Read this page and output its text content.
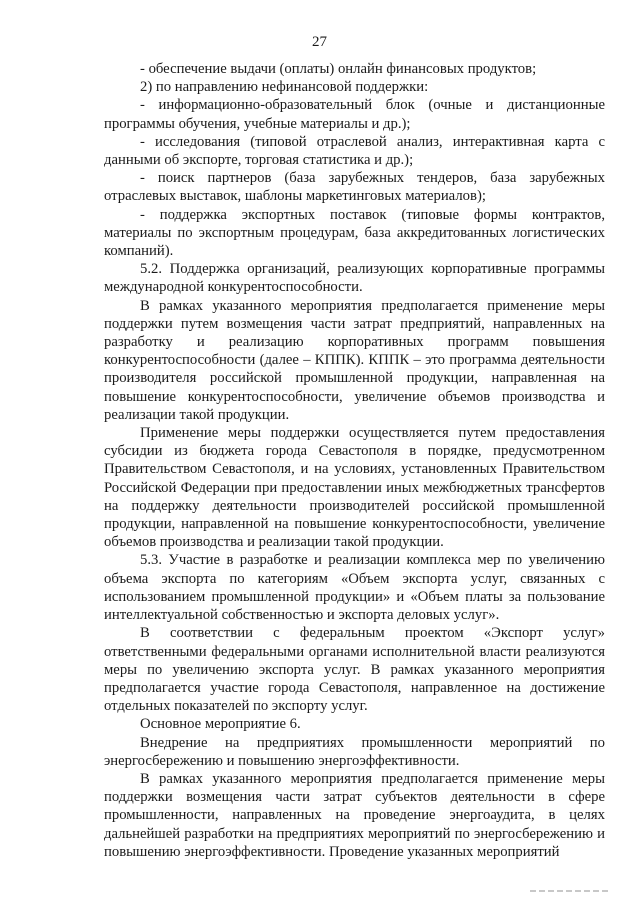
27

- обеспечение выдачи (оплаты) онлайн финансовых продуктов;

2) по направлению нефинансовой поддержки:

- информационно-образовательный блок (очные и дистанционные программы обучения, учебные материалы и др.);

- исследования (типовой отраслевой анализ, интерактивная карта с данными об экспорте, торговая статистика и др.);

- поиск партнеров (база зарубежных тендеров, база зарубежных отраслевых выставок, шаблоны маркетинговых материалов);

- поддержка экспортных поставок (типовые формы контрактов, материалы по экспортным процедурам, база аккредитованных логистических компаний).

5.2. Поддержка организаций, реализующих корпоративные программы международной конкурентоспособности.

В рамках указанного мероприятия предполагается применение меры поддержки путем возмещения части затрат предприятий, направленных на разработку и реализацию корпоративных программ повышения конкурентоспособности (далее – КППК). КППК – это программа деятельности производителя российской промышленной продукции, направленная на повышение конкурентоспособности, увеличение объемов производства и реализации такой продукции.

Применение меры поддержки осуществляется путем предоставления субсидии из бюджета города Севастополя в порядке, предусмотренном Правительством Севастополя, и на условиях, установленных Правительством Российской Федерации при предоставлении иных межбюджетных трансфертов на поддержку деятельности производителей российской промышленной продукции, направленной на повышение конкурентоспособности, увеличение объемов производства и реализации такой продукции.

5.3. Участие в разработке и реализации комплекса мер по увеличению объема экспорта по категориям «Объем экспорта услуг, связанных с использованием промышленной продукции» и «Объем платы за пользование интеллектуальной собственностью и экспорта деловых услуг».

В соответствии с федеральным проектом «Экспорт услуг» ответственными федеральными органами исполнительной власти реализуются меры по увеличению экспорта услуг. В рамках указанного мероприятия предполагается участие города Севастополя, направленное на достижение отдельных показателей по экспорту услуг.

Основное мероприятие 6.

Внедрение на предприятиях промышленности мероприятий по энергосбережению и повышению энергоэффективности.

В рамках указанного мероприятия предполагается применение меры поддержки возмещения части затрат субъектов деятельности в сфере промышленности, направленных на проведение энергоаудита, в целях дальнейшей разработки на предприятиях мероприятий по энергосбережению и повышению энергоэффективности. Проведение указанных мероприятий
